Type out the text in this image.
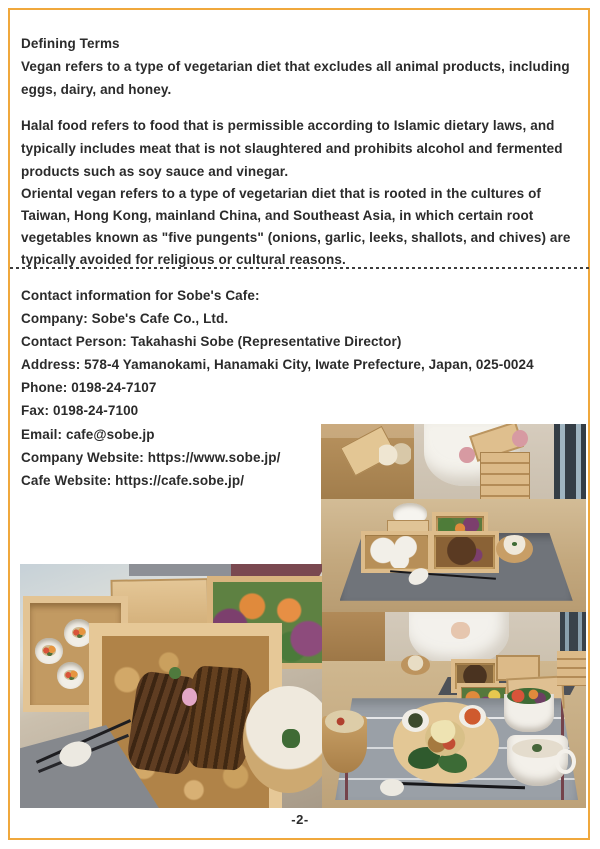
Defining Terms
Vegan refers to a type of vegetarian diet that excludes all animal products, including eggs, dairy, and honey.
Halal food refers to food that is permissible according to Islamic dietary laws, and typically includes meat that is not slaughtered and prohibits alcohol and fermented products such as soy sauce and vinegar.
Oriental vegan refers to a type of vegetarian diet that is rooted in the cultures of Taiwan, Hong Kong, mainland China, and Southeast Asia, in which certain root vegetables known as "five pungents" (onions, garlic, leeks, shallots, and chives) are typically avoided for religious or cultural reasons.
Contact information for Sobe's Cafe:
Company: Sobe's Cafe Co., Ltd.
Contact Person: Takahashi Sobe (Representative Director)
Address: 578-4 Yamanokami, Hanamaki City, Iwate Prefecture, Japan, 025-0024
Phone: 0198-24-7107
Fax: 0198-24-7100
Email: cafe@sobe.jp
Company Website: https://www.sobe.jp/
Cafe Website: https://cafe.sobe.jp/
-2-
